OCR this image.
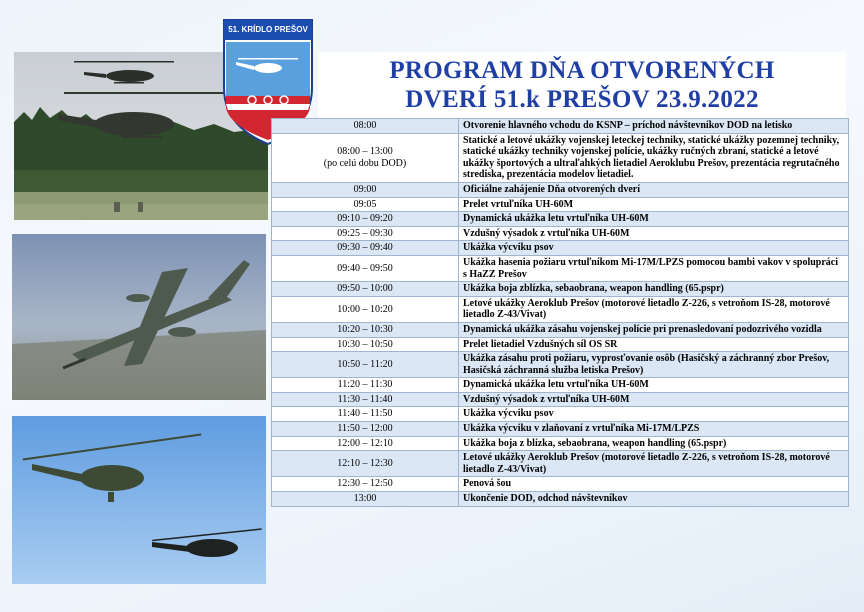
51. KRÍDLO PREŠOV
PROGRAM DŇA OTVORENÝCH
DVERÍ 51.k PREŠOV 23.9.2022
08:00	Otvorenie hlavného vchodu do KSNP – príchod návštevníkov DOD na letisko

08:00 – 13:00
(po celú dobu DOD)	Statické a letové ukážky vojenskej leteckej techniky, statické ukážky pozemnej techniky, statické ukážky techniky vojenskej polície, ukážky ručných zbraní, statické a letové ukážky športových a ultraľahkých lietadiel Aeroklubu Prešov, prezentácia regrutačného strediska, prezentácia modelov lietadiel.

09:00	Oficiálne zahájenie Dňa otvorených dverí

09:05	Prelet vrtuľníka UH-60M

09:10 – 09:20	Dynamická ukážka letu vrtuľníka UH-60M

09:25 – 09:30	Vzdušný výsadok z vrtuľníka UH-60M

09:30 – 09:40	Ukážka výcviku psov

09:40 – 09:50	Ukážka hasenia požiaru vrtuľníkom Mi-17M/LPZS pomocou bambi vakov v spolupráci s HaZZ Prešov

09:50 – 10:00	Ukážka boja zblízka, sebaobrana, weapon handling (65.pspr)

10:00 – 10:20	Letové ukážky Aeroklub Prešov (motorové lietadlo Z-226, s vetroňom IS-28, motorové lietadlo Z-43/Vivat)

10:20 – 10:30	Dynamická ukážka zásahu vojenskej polície pri prenasledovaní podozrivého vozidla

10:30 – 10:50	Prelet lietadiel Vzdušných síl OS SR

10:50 – 11:20	Ukážka zásahu proti požiaru, vyprosťovanie osôb (Hasičský a záchranný zbor Prešov, Hasičská záchranná služba letiska Prešov)

11:20 – 11:30	Dynamická ukážka letu vrtuľníka UH-60M

11:30 – 11:40	Vzdušný výsadok z vrtuľníka UH-60M

11:40 – 11:50	Ukážka výcviku psov

11:50 – 12:00	Ukážka výcviku v zlaňovaní z vrtuľníka Mi-17M/LPZS

12:00 – 12:10	Ukážka boja z blízka, sebaobrana, weapon handling (65.pspr)

12:10 – 12:30	Letové ukážky Aeroklub Prešov (motorové lietadlo Z-226, s vetroňom IS-28, motorové lietadlo Z-43/Vivat)

12:30 – 12:50	Penová šou

13:00	Ukončenie DOD, odchod návštevníkov
